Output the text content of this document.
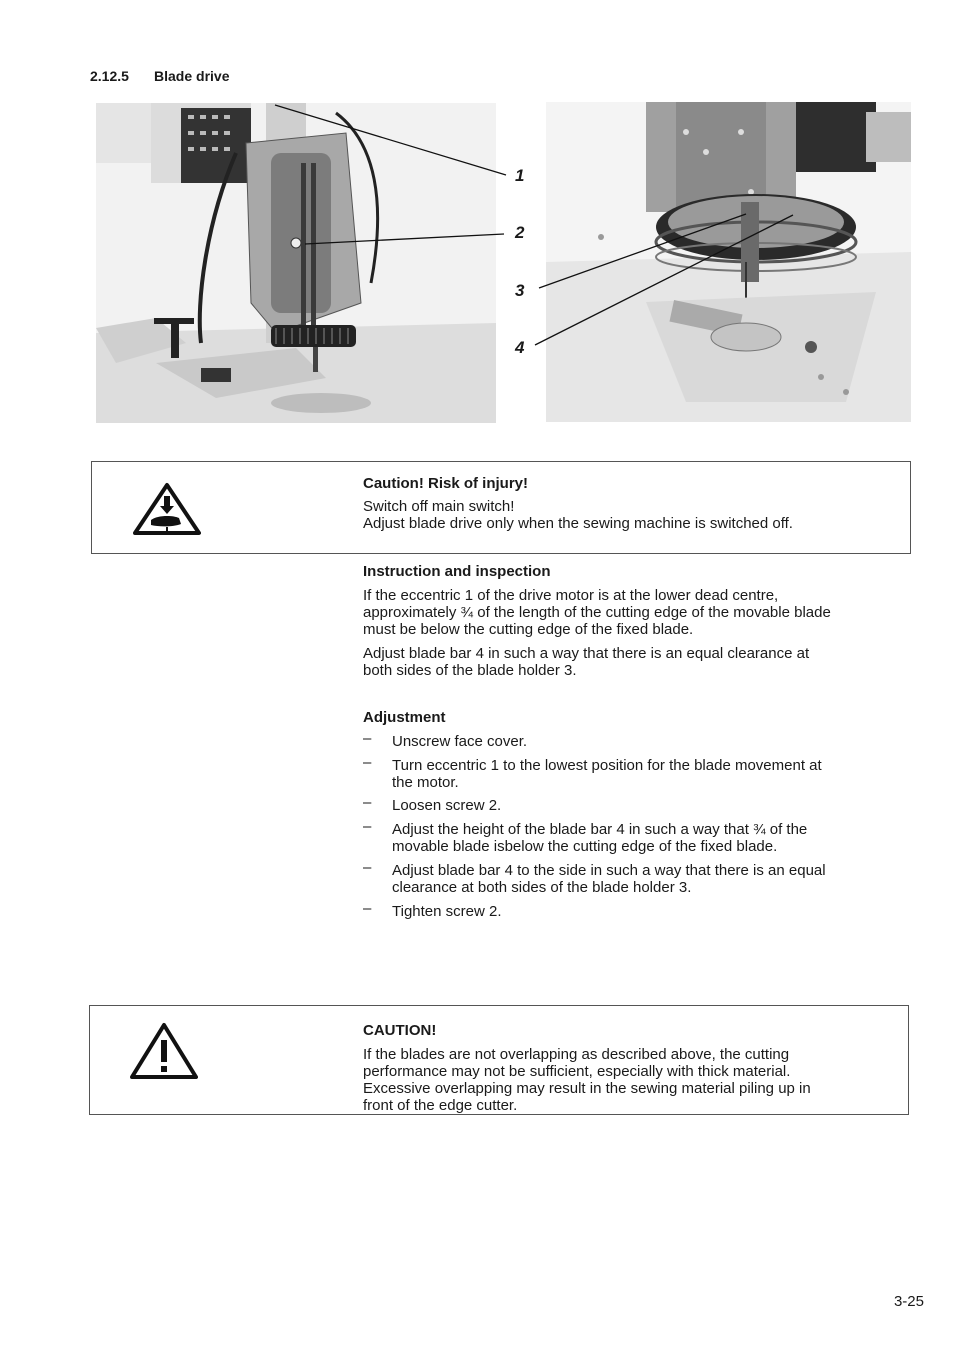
2.12.5 Blade drive
1
2
3
4
Caution! Risk of injury!
Switch off main switch!
Adjust blade drive only when the sewing machine is switched off.
Instruction and inspection
If the eccentric 1 of the drive motor is at the lower dead centre,
approximately ¾ of the length of the cutting edge of the movable blade
must be below the cutting edge of the fixed blade.
Adjust blade bar 4 in such a way that there is an equal clearance at
both sides of the blade holder 3.
Adjustment
– Unscrew face cover.
– Turn eccentric 1 to the lowest position for the blade movement at
the motor.
– Loosen screw 2.
– Adjust the height of the blade bar 4 in such a way that ¾ of the
movable blade isbelow the cutting edge of the fixed blade.
– Adjust blade bar 4 to the side in such a way that there is an equal
clearance at both sides of the blade holder 3.
– Tighten screw 2.
CAUTION!
If the blades are not overlapping as described above, the cutting
performance may not be sufficient, especially with thick material.
Excessive overlapping may result in the sewing material piling up in
front of the edge cutter.
3-25
